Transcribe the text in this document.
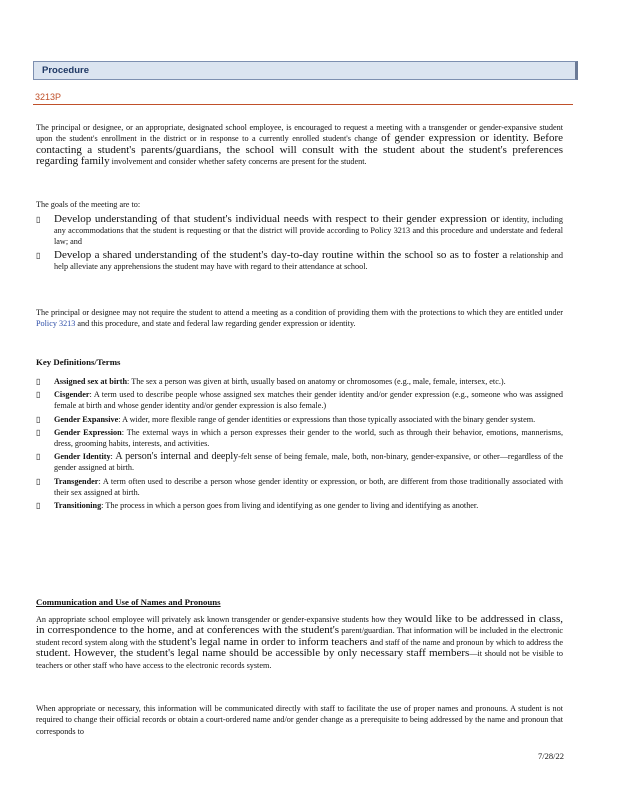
Procedure
3213P

The principal or designee, or an appropriate, designated school employee, is encouraged to request a meeting with a transgender or gender-expansive student upon the student's enrollment in the district or in response to a currently enrolled student's change of gender expression or identity. Before contacting a student's parents/guardians, the school will consult with the student about the student's preferences regarding family involvement and consider whether safety concerns are present for the student.

The goals of the meeting are to:

▯ Develop understanding of that student's individual needs with respect to their gender expression or identity, including any accommodations that the student is requesting or that the district will provide according to Policy 3213 and this procedure and understate and federal law; and
▯ Develop a shared understanding of the student's day-to-day routine within the school so as to foster a relationship and help alleviate any apprehensions the student may have with regard to their attendance at school.

The principal or designee may not require the student to attend a meeting as a condition of providing them with the protections to which they are entitled under Policy 3213 and this procedure, and state and federal law regarding gender expression or identity.

Key Definitions/Terms

▯ Assigned sex at birth: The sex a person was given at birth, usually based on anatomy or chromosomes (e.g., male, female, intersex, etc.).
▯ Cisgender: A term used to describe people whose assigned sex matches their gender identity and/or gender expression (e.g., someone who was assigned female at birth and whose gender identity and/or gender expression is also female.)
▯ Gender Expansive: A wider, more flexible range of gender identities or expressions than those typically associated with the binary gender system.
▯ Gender Expression: The external ways in which a person expresses their gender to the world, such as through their behavior, emotions, mannerisms, dress, grooming habits, interests, and activities.
▯ Gender Identity: A person's internal and deeply-felt sense of being female, male, both, non-binary, gender-expansive, or other—regardless of the gender assigned at birth.
▯ Transgender: A term often used to describe a person whose gender identity or expression, or both, are different from those traditionally associated with their sex assigned at birth.
▯ Transitioning: The process in which a person goes from living and identifying as one gender to living and identifying as another.

Communication and Use of Names and Pronouns

An appropriate school employee will privately ask known transgender or gender-expansive students how they would like to be addressed in class, in correspondence to the home, and at conferences with the student's parent/guardian. That information will be included in the electronic student record system along with the student's legal name in order to inform teachers and staff of the name and pronoun by which to address the student. However, the student's legal name should be accessible by only necessary staff members—it should not be visible to teachers or other staff who have access to the electronic records system.

When appropriate or necessary, this information will be communicated directly with staff to facilitate the use of proper names and pronouns. A student is not required to change their official records or obtain a court-ordered name and/or gender change as a prerequisite to being addressed by the name and pronoun that corresponds to

7/28/22
